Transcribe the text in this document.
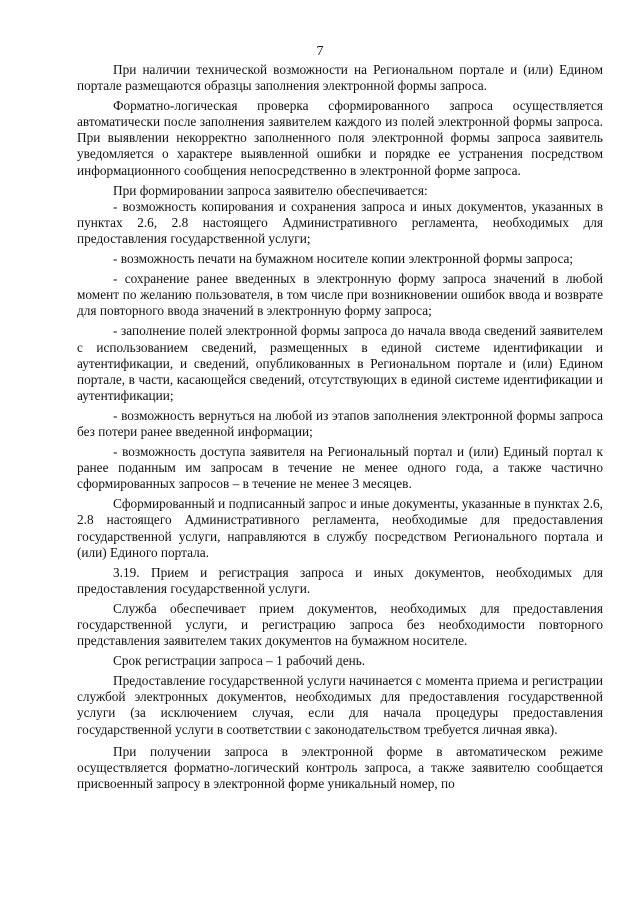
7

При наличии технической возможности на Региональном портале и (или) Едином портале размещаются образцы заполнения электронной формы запроса.

Форматно-логическая проверка сформированного запроса осуществляется автоматически после заполнения заявителем каждого из полей электронной формы запроса. При выявлении некорректно заполненного поля электронной формы запроса заявитель уведомляется о характере выявленной ошибки и порядке ее устранения посредством информационного сообщения непосредственно в электронной форме запроса.

При формировании запроса заявителю обеспечивается:

- возможность копирования и сохранения запроса и иных документов, указанных в пунктах 2.6, 2.8 настоящего Административного регламента, необходимых для предоставления государственной услуги;

- возможность печати на бумажном носителе копии электронной формы запроса;

- сохранение ранее введенных в электронную форму запроса значений в любой момент по желанию пользователя, в том числе при возникновении ошибок ввода и возврате для повторного ввода значений в электронную форму запроса;

- заполнение полей электронной формы запроса до начала ввода сведений заявителем с использованием сведений, размещенных в единой системе идентификации и аутентификации, и сведений, опубликованных в Региональном портале и (или) Едином портале, в части, касающейся сведений, отсутствующих в единой системе идентификации и аутентификации;

- возможность вернуться на любой из этапов заполнения электронной формы запроса без потери ранее введенной информации;

- возможность доступа заявителя на Региональный портал и (или) Единый портал к ранее поданным им запросам в течение не менее одного года, а также частично сформированных запросов – в течение не менее 3 месяцев.

Сформированный и подписанный запрос и иные документы, указанные в пунктах 2.6, 2.8 настоящего Административного регламента, необходимые для предоставления государственной услуги, направляются в службу посредством Регионального портала и (или) Единого портала.

3.19. Прием и регистрация запроса и иных документов, необходимых для предоставления государственной услуги.

Служба обеспечивает прием документов, необходимых для предоставления государственной услуги, и регистрацию запроса без необходимости повторного представления заявителем таких документов на бумажном носителе.

Срок регистрации запроса – 1 рабочий день.

Предоставление государственной услуги начинается с момента приема и регистрации службой электронных документов, необходимых для предоставления государственной услуги (за исключением случая, если для начала процедуры предоставления государственной услуги в соответствии с законодательством требуется личная явка).

При получении запроса в электронной форме в автоматическом режиме осуществляется форматно-логический контроль запроса, а также заявителю сообщается присвоенный запросу в электронной форме уникальный номер, по
